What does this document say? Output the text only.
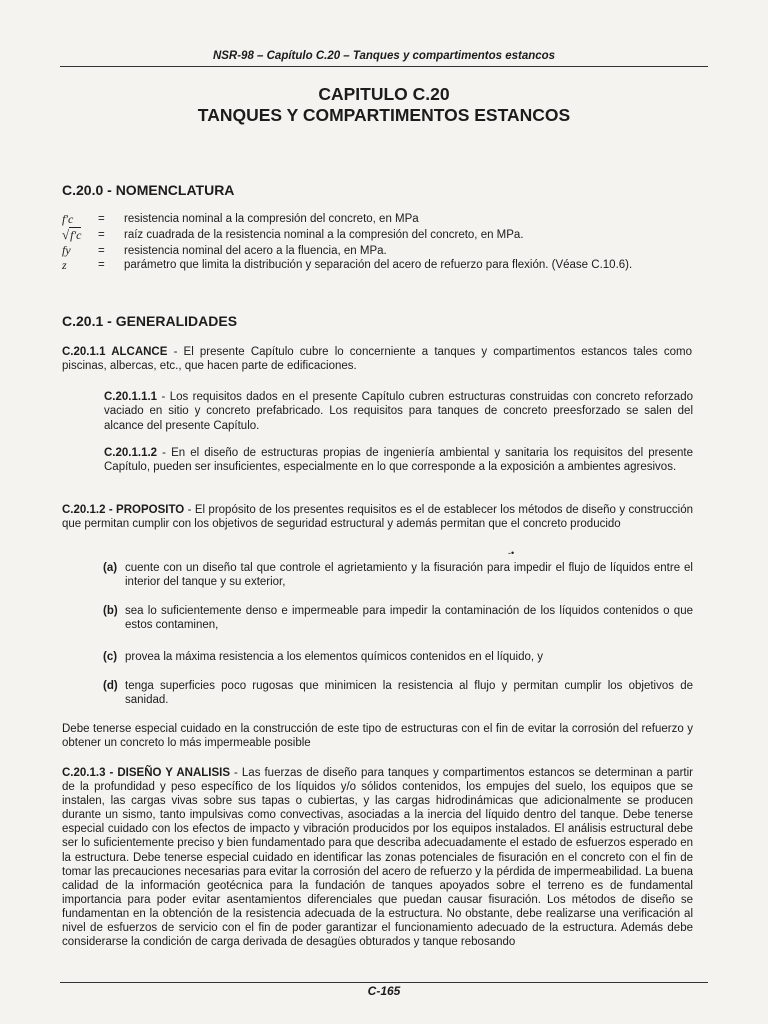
NSR-98 – Capítulo C.20 – Tanques y compartimentos estancos
CAPITULO C.20
TANQUES Y COMPARTIMENTOS ESTANCOS
C.20.0 - NOMENCLATURA
f′c	=	resistencia nominal a la compresión del concreto, en MPa
√ f′c =	raíz cuadrada de la resistencia nominal a la compresión del concreto, en MPa.
fy	=	resistencia nominal del acero a la fluencia, en MPa.
z	=	parámetro que limita la distribución y separación del acero de refuerzo para flexión. (Véase C.10.6).
C.20.1 - GENERALIDADES
C.20.1.1 ALCANCE - El presente Capítulo cubre lo concerniente a tanques y compartimentos estancos tales como piscinas, albercas, etc., que hacen parte de edificaciones.
C.20.1.1.1 - Los requisitos dados en el presente Capítulo cubren estructuras construidas con concreto reforzado vaciado en sitio y concreto prefabricado. Los requisitos para tanques de concreto preesforzado se salen del alcance del presente Capítulo.
C.20.1.1.2 - En el diseño de estructuras propias de ingeniería ambiental y sanitaria los requisitos del presente Capítulo, pueden ser insuficientes, especialmente en lo que corresponde a la exposición a ambientes agresivos.
C.20.1.2 - PROPOSITO - El propósito de los presentes requisitos es el de establecer los métodos de diseño y construcción que permitan cumplir con los objetivos de seguridad estructural y además permitan que el concreto producido
‑•
(a) cuente con un diseño tal que controle el agrietamiento y la fisuración para impedir el flujo de líquidos entre el interior del tanque y su exterior,
(b) sea lo suficientemente denso e impermeable para impedir la contaminación de los líquidos contenidos o que estos contaminen,
(c) provea la máxima resistencia a los elementos químicos contenidos en el líquido, y
(d) tenga superficies poco rugosas que minimicen la resistencia al flujo y permitan cumplir los objetivos de sanidad.
Debe tenerse especial cuidado en la construcción de este tipo de estructuras con el fin de evitar la corrosión del refuerzo y obtener un concreto lo más impermeable posible
C.20.1.3 - DISEÑO Y ANALISIS - Las fuerzas de diseño para tanques y compartimentos estancos se determinan a partir de la profundidad y peso específico de los líquidos y/o sólidos contenidos, los empujes del suelo, los equipos que se instalen, las cargas vivas sobre sus tapas o cubiertas, y las cargas hidrodinámicas que adicionalmente se producen durante un sismo, tanto impulsivas como convectivas, asociadas a la inercia del líquido dentro del tanque. Debe tenerse especial cuidado con los efectos de impacto y vibración producidos por los equipos instalados. El análisis estructural debe ser lo suficientemente preciso y bien fundamentado para que describa adecuadamente el estado de esfuerzos esperado en la estructura. Debe tenerse especial cuidado en identificar las zonas potenciales de fisuración en el concreto con el fin de tomar las precauciones necesarias para evitar la corrosión del acero de refuerzo y la pérdida de impermeabilidad. La buena calidad de la información geotécnica para la fundación de tanques apoyados sobre el terreno es de fundamental importancia para poder evitar asentamientos diferenciales que puedan causar fisuración. Los métodos de diseño se fundamentan en la obtención de la resistencia adecuada de la estructura. No obstante, debe realizarse una verificación al nivel de esfuerzos de servicio con el fin de poder garantizar el funcionamiento adecuado de la estructura. Además debe considerarse la condición de carga derivada de desagües obturados y tanque rebosando
C-165
